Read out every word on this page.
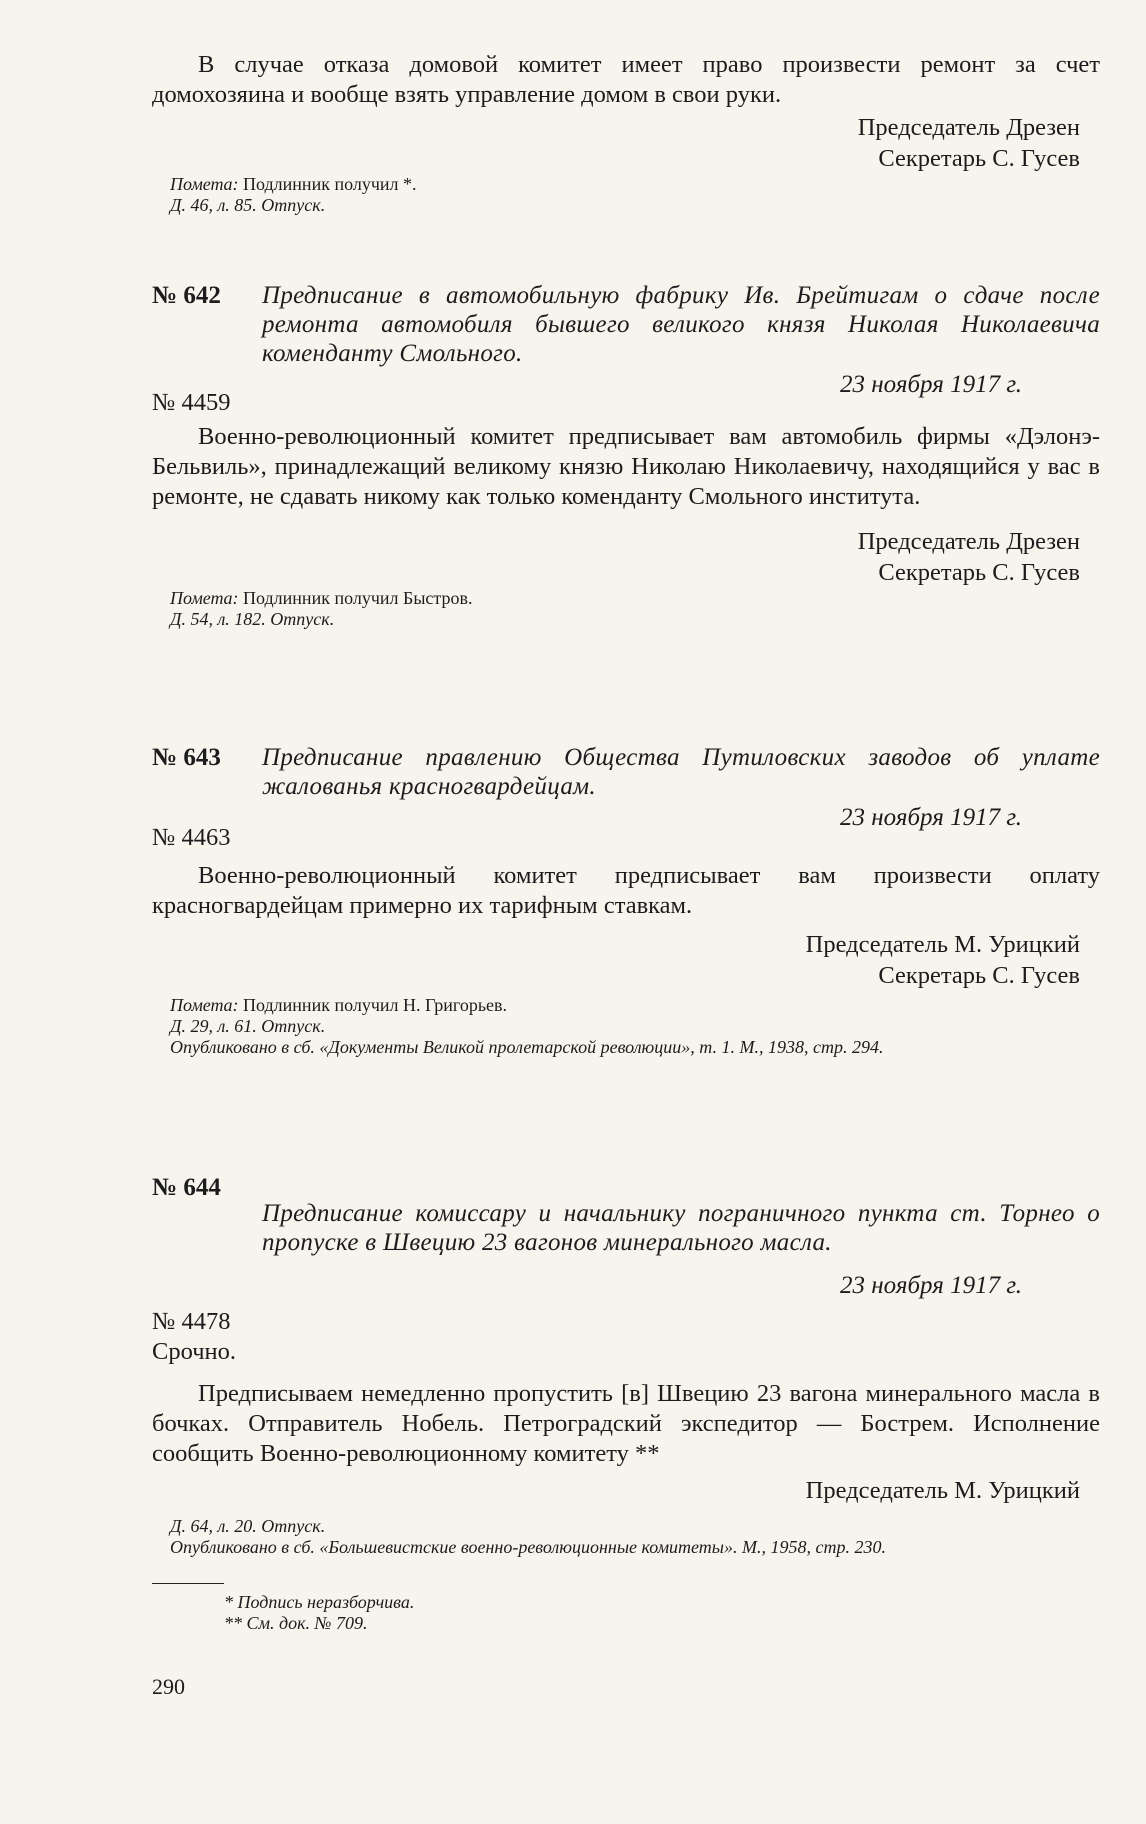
В случае отказа домовой комитет имеет право произвести ремонт за счет домохозяина и вообще взять управление домом в свои руки.

Председатель Дрезен

Секретарь С. Гусев

Пометa: Подлинник получил *.

Д. 46, л. 85. Отпуск.

№ 642	Предписание в автомобильную фабрику Ив. Брейтигам о сдаче после ремонта автомобиля бывшего великого князя Николая Николаевича коменданту Смольного.

23 ноября 1917 г.

№ 4459

Военно-революционный комитет предписывает вам автомобиль фирмы «Дэлонэ-Бельвиль», принадлежащий великому князю Николаю Николаевичу, находящийся у вас в ремонте, не сдавать никому как только коменданту Смольного института.

Председатель Дрезен

Секретарь С. Гусев

Пометa: Подлинник получил Быстров.

Д. 54, л. 182. Отпуск.

№ 643	Предписание правлению Общества Путиловских заводов об уплате жалованья красногвардейцам.

23 ноября 1917 г.

№ 4463

Военно-революционный комитет предписывает вам произвести оплату красногвардейцам примерно их тарифным ставкам.

Председатель М. Урицкий

Секретарь С. Гусев

Пометa: Подлинник получил Н. Григорьев.

Д. 29, л. 61. Отпуск.

Опубликовано в сб. «Документы Великой пролетарской революции», т. 1. М., 1938, стр. 294.

№ 644

Предписание комиссару и начальнику пограничного пункта ст. Торнео о пропуске в Швецию 23 вагонов минерального масла.

23 ноября 1917 г.

№ 4478

Срочно.

Предписываем немедленно пропустить [в] Швецию 23 вагона минерального масла в бочках. Отправитель Нобель. Петроградский экспедитор — Бострем. Исполнение сообщить Военно-революционному комитету **

Председатель М. Урицкий

Д. 64, л. 20. Отпуск.

Опубликовано в сб. «Большевистские военно-революционные комитеты». М., 1958, стр. 230.

* Подпись неразборчива.

** См. док. № 709.

290
